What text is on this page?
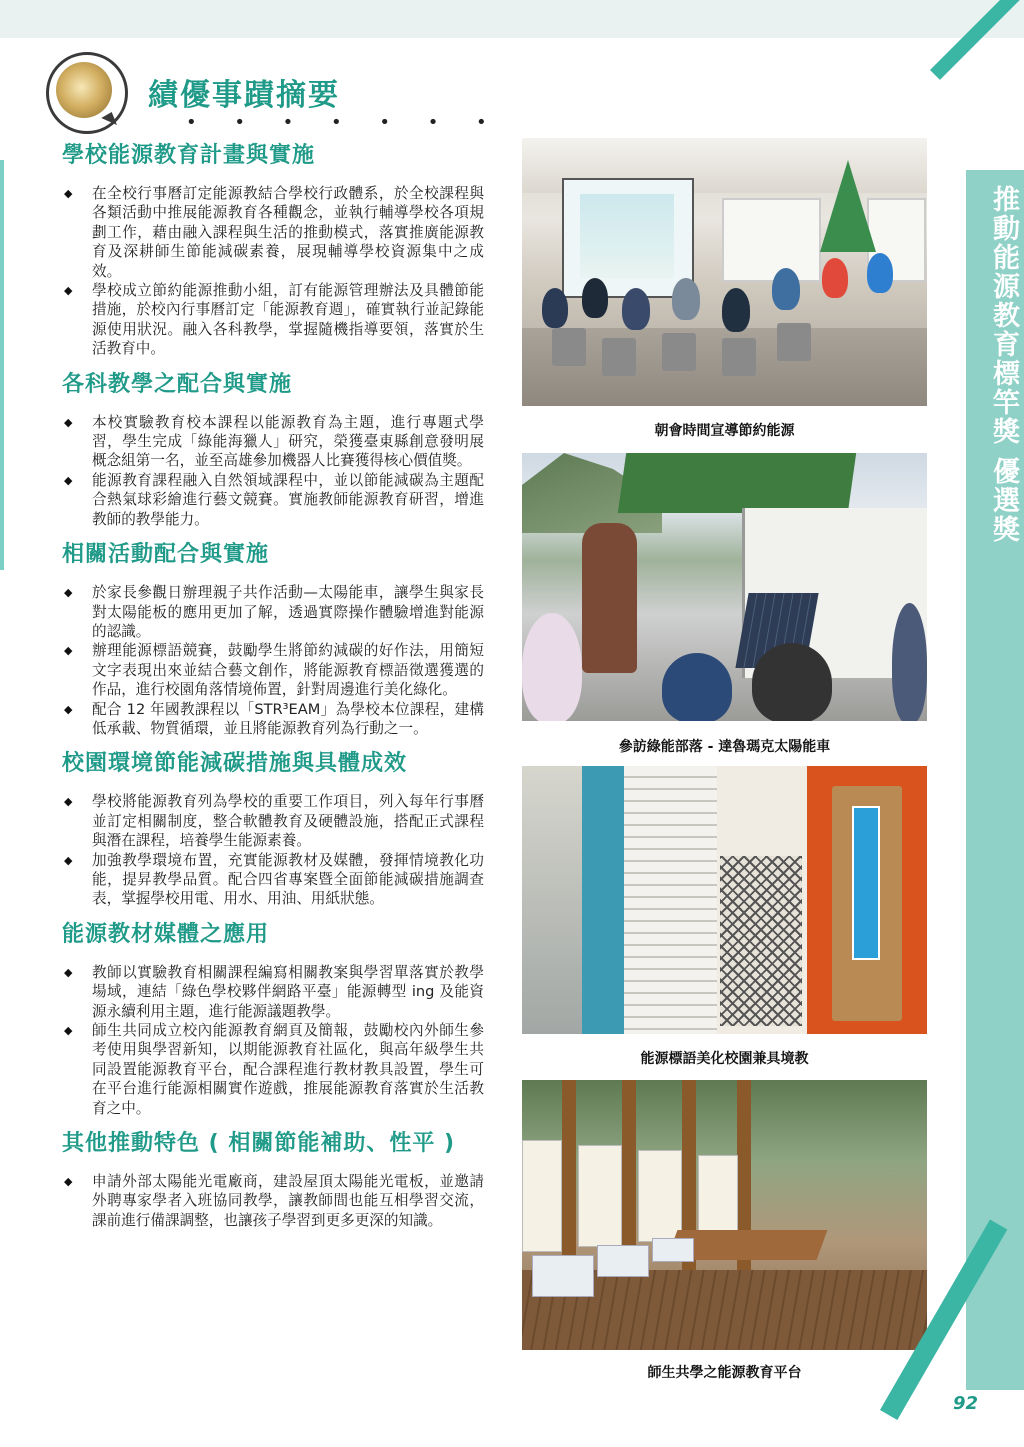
績優事蹟摘要
• • • • • • •
學校能源教育計畫與實施
◆ 在全校行事曆訂定能源教結合學校行政體系，於全校課程與各類活動中推展能源教育各種觀念，並執行輔導學校各項規劃工作，藉由融入課程與生活的推動模式，落實推廣能源教育及深耕師生節能減碳素養，展現輔導學校資源集中之成效。
◆ 學校成立節約能源推動小組，訂有能源管理辦法及具體節能措施，於校內行事曆訂定「能源教育週」，確實執行並記錄能源使用狀況。融入各科教學，掌握隨機指導要領，落實於生活教育中。
各科教學之配合與實施
◆ 本校實驗教育校本課程以能源教育為主題，進行專題式學習，學生完成「綠能海獵人」研究，榮獲臺東縣創意發明展概念組第一名，並至高雄參加機器人比賽獲得核心價值獎。
◆ 能源教育課程融入自然領域課程中，並以節能減碳為主題配合熱氣球彩繪進行藝文競賽。實施教師能源教育研習，增進教師的教學能力。
相關活動配合與實施
◆ 於家長參觀日辦理親子共作活動—太陽能車，讓學生與家長對太陽能板的應用更加了解，透過實際操作體驗增進對能源的認識。
◆ 辦理能源標語競賽，鼓勵學生將節約減碳的好作法，用簡短文字表現出來並結合藝文創作，將能源教育標語徵選獲選的作品，進行校園角落情境佈置，針對周邊進行美化綠化。
◆ 配合 12 年國教課程以「STR³EAM」為學校本位課程，建構低承載、物質循環，並且將能源教育列為行動之一。
校園環境節能減碳措施與具體成效
◆ 學校將能源教育列為學校的重要工作項目，列入每年行事曆並訂定相關制度，整合軟體教育及硬體設施，搭配正式課程與潛在課程，培養學生能源素養。
◆ 加強教學環境布置，充實能源教材及媒體，發揮情境教化功能，提昇教學品質。配合四省專案暨全面節能減碳措施調查表，掌握學校用電、用水、用油、用紙狀態。
能源教材媒體之應用
◆ 教師以實驗教育相關課程編寫相關教案與學習單落實於教學場域，連結「綠色學校夥伴網路平臺」能源轉型 ing 及能資源永續利用主題，進行能源議題教學。
◆ 師生共同成立校內能源教育網頁及簡報，鼓勵校內外師生參考使用與學習新知，以期能源教育社區化，與高年級學生共同設置能源教育平台，配合課程進行教材教具設置，學生可在平台進行能源相關實作遊戲，推展能源教育落實於生活教育之中。
其他推動特色 ( 相關節能補助、性平 )
◆ 申請外部太陽能光電廠商，建設屋頂太陽能光電板，並邀請外聘專家學者入班協同教學，讓教師間也能互相學習交流，課前進行備課調整，也讓孩子學習到更多更深的知識。
朝會時間宣導節約能源
參訪綠能部落 - 達魯瑪克太陽能車
能源標語美化校園兼具境教
師生共學之能源教育平台
推動能源教育標竿獎 優選獎
92
